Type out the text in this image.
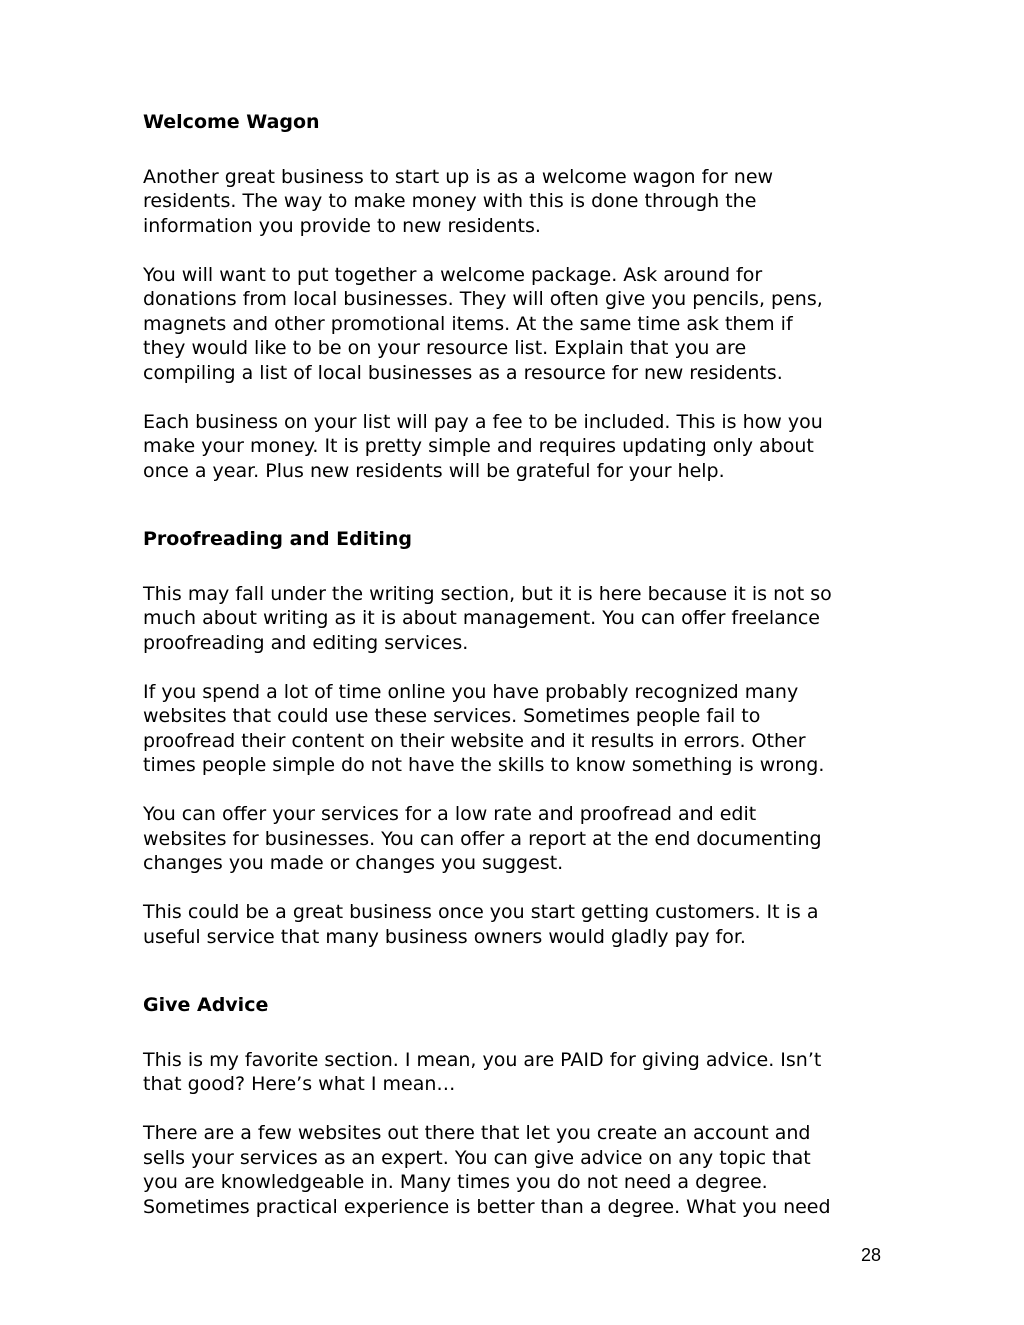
Welcome Wagon

Another great business to start up is as a welcome wagon for new
residents. The way to make money with this is done through the
information you provide to new residents.

You will want to put together a welcome package. Ask around for
donations from local businesses. They will often give you pencils, pens,
magnets and other promotional items. At the same time ask them if
they would like to be on your resource list. Explain that you are
compiling a list of local businesses as a resource for new residents.

Each business on your list will pay a fee to be included. This is how you
make your money. It is pretty simple and requires updating only about
once a year. Plus new residents will be grateful for your help.

Proofreading and Editing

This may fall under the writing section, but it is here because it is not so
much about writing as it is about management. You can offer freelance
proofreading and editing services.

If you spend a lot of time online you have probably recognized many
websites that could use these services. Sometimes people fail to
proofread their content on their website and it results in errors. Other
times people simple do not have the skills to know something is wrong.

You can offer your services for a low rate and proofread and edit
websites for businesses. You can offer a report at the end documenting
changes you made or changes you suggest.

This could be a great business once you start getting customers. It is a
useful service that many business owners would gladly pay for.

Give Advice

This is my favorite section. I mean, you are PAID for giving advice. Isn’t
that good? Here’s what I mean…

There are a few websites out there that let you create an account and
sells your services as an expert. You can give advice on any topic that
you are knowledgeable in. Many times you do not need a degree.
Sometimes practical experience is better than a degree. What you need

28
